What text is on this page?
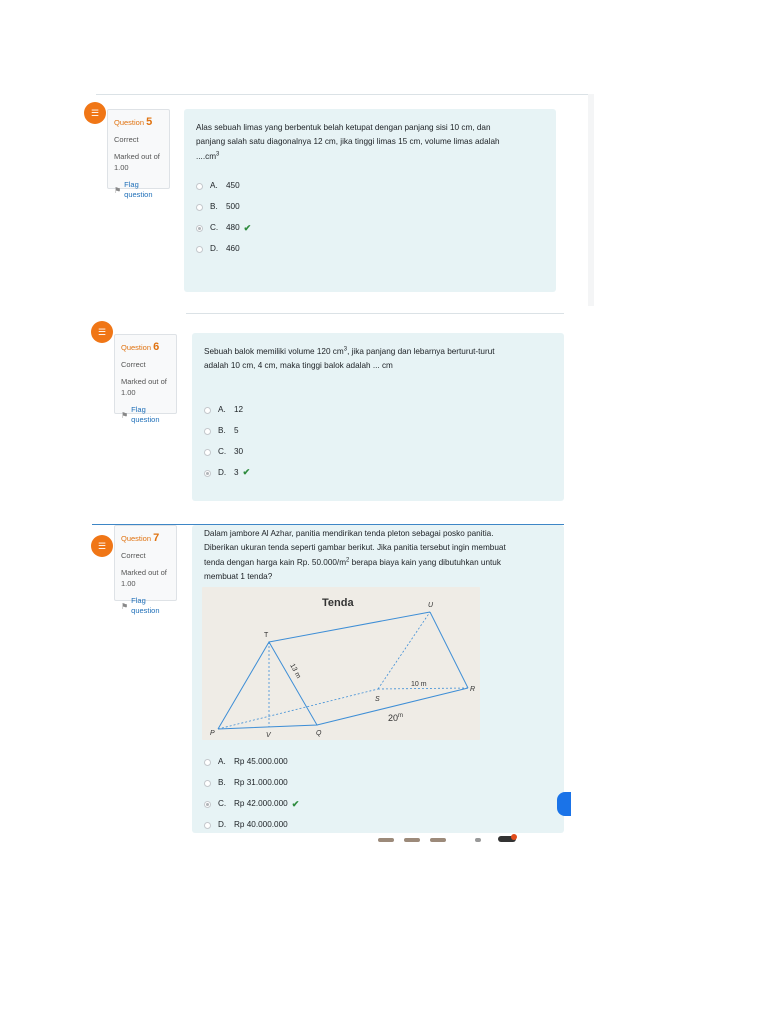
☰
Question 5
Correct
Marked out of
1.00
⚑
Flag question
Alas sebuah limas yang berbentuk belah ketupat dengan panjang sisi 10 cm, dan
panjang salah satu diagonalnya 12 cm, jika tinggi limas 15 cm, volume limas adalah
$....cm^3$
A.	450
B.	500
C. 480 ✔
D. 460
☰
Question 6
Correct
Marked out of
1.00
⚑
Flag question
Sebuah balok memiliki volume 120 $cm^3$, jika panjang dan lebarnya berturut-turut
adalah 10 cm, 4 cm, maka tinggi balok adalah ... cm
A.	12
B.	5
C. 30
D. 3 ✔
☰
Question 7
Correct
Marked out of
1.00
⚑
Flag question
Dalam jambore Al Azhar, panitia mendirikan tenda pleton sebagai posko panitia.
Diberikan ukuran tenda seperti gambar berikut. Jika panitia tersebut ingin membuat
tenda dengan harga kain Rp. $50.000/m^2$ berapa biaya kain yang dibutuhkan untuk
membuat 1 tenda?
Tenda
T
U
P	V	Q
S
R
13 m
10 m
20$^m$
A.	Rp 45.000.000
B.	Rp 31.000.000
C. Rp 42.000.000 ✔
D. Rp 40.000.000
